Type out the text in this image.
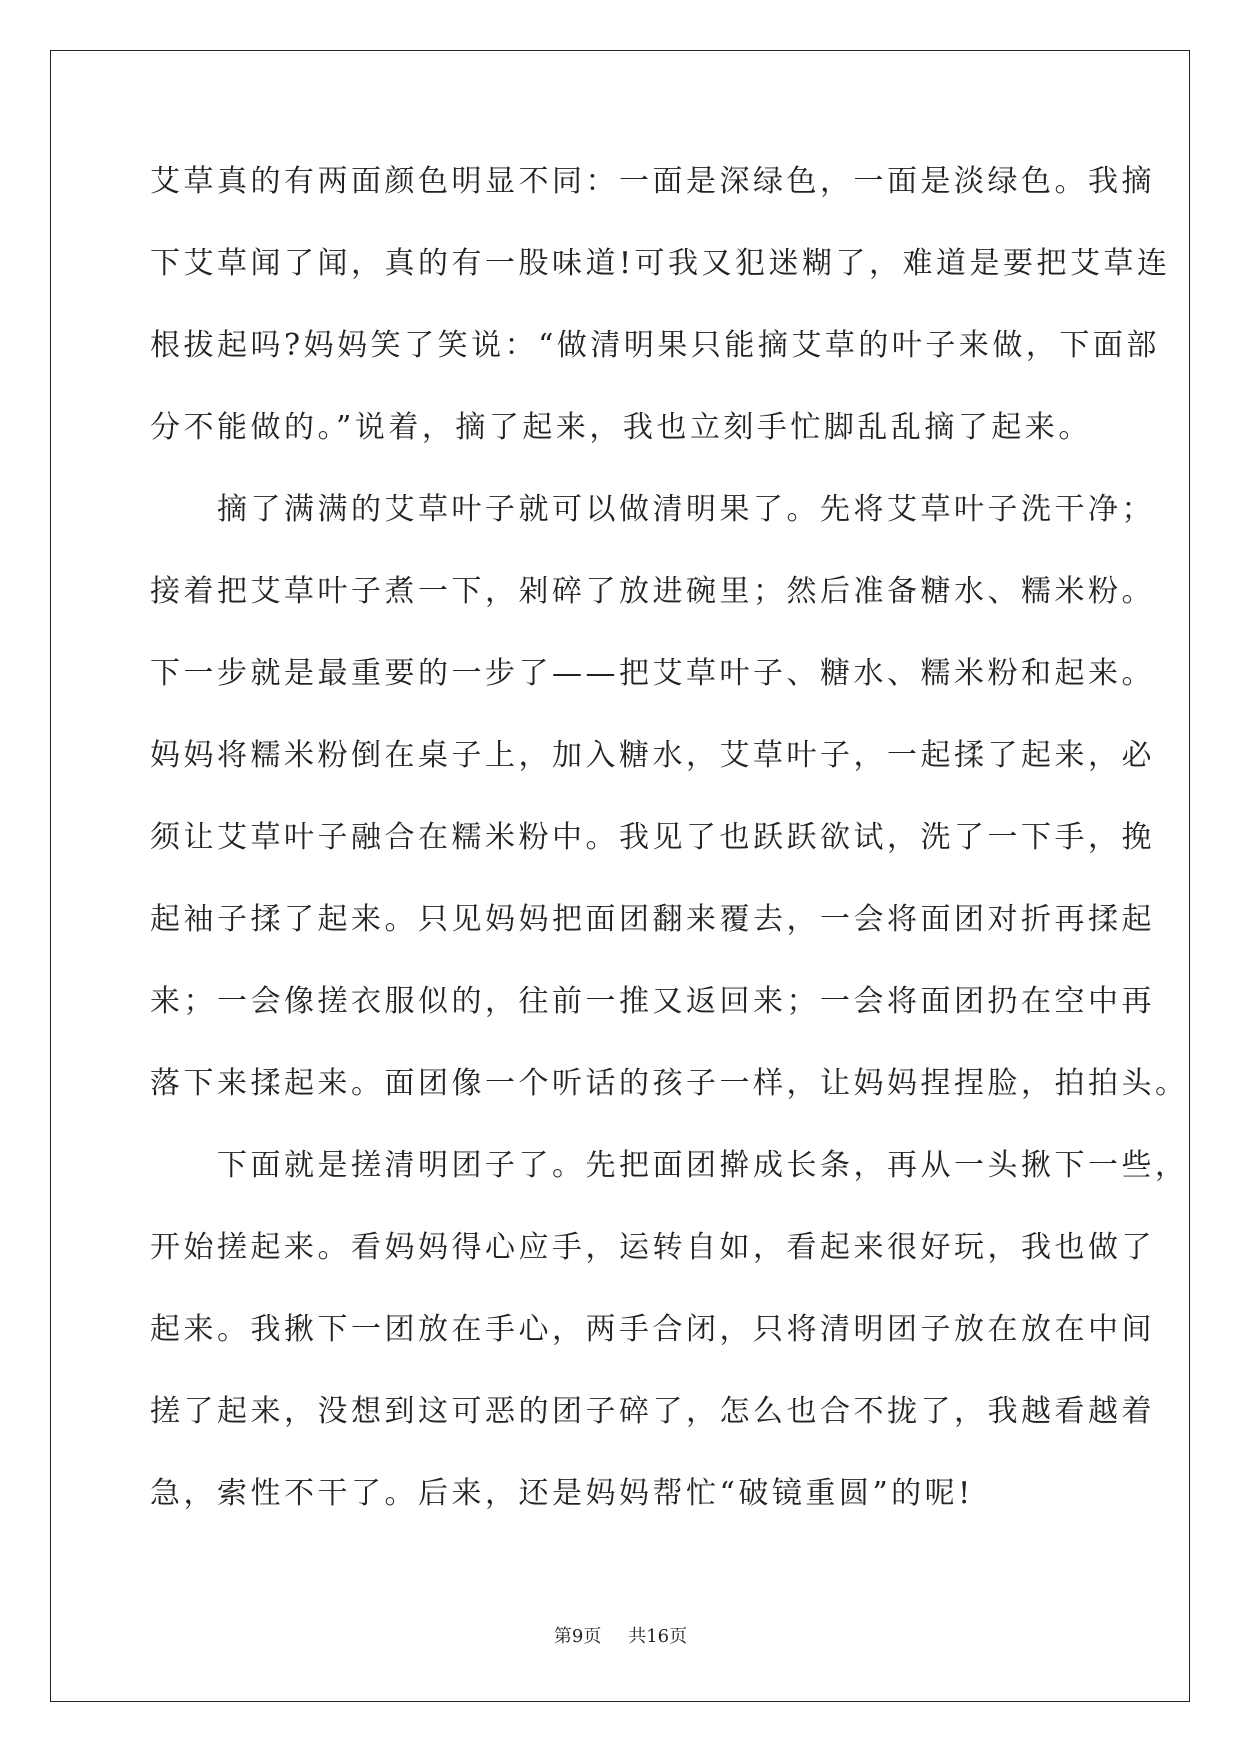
艾草真的有两面颜色明显不同：一面是深绿色，一面是淡绿色。我摘
下艾草闻了闻，真的有一股味道!可我又犯迷糊了，难道是要把艾草连
根拔起吗?妈妈笑了笑说：“做清明果只能摘艾草的叶子来做，下面部
分不能做的。”说着，摘了起来，我也立刻手忙脚乱乱摘了起来。
　　摘了满满的艾草叶子就可以做清明果了。先将艾草叶子洗干净；
接着把艾草叶子煮一下，剁碎了放进碗里；然后准备糖水、糯米粉。
下一步就是最重要的一步了——把艾草叶子、糖水、糯米粉和起来。
妈妈将糯米粉倒在桌子上，加入糖水，艾草叶子，一起揉了起来，必
须让艾草叶子融合在糯米粉中。我见了也跃跃欲试，洗了一下手，挽
起袖子揉了起来。只见妈妈把面团翻来覆去，一会将面团对折再揉起
来；一会像搓衣服似的，往前一推又返回来；一会将面团扔在空中再
落下来揉起来。面团像一个听话的孩子一样，让妈妈捏捏脸，拍拍头。
　　下面就是搓清明团子了。先把面团擀成长条，再从一头揪下一些，
开始搓起来。看妈妈得心应手，运转自如，看起来很好玩，我也做了
起来。我揪下一团放在手心，两手合闭，只将清明团子放在放在中间
搓了起来，没想到这可恶的团子碎了，怎么也合不拢了，我越看越着
急，索性不干了。后来，还是妈妈帮忙“破镜重圆”的呢!
第9页 共16页
